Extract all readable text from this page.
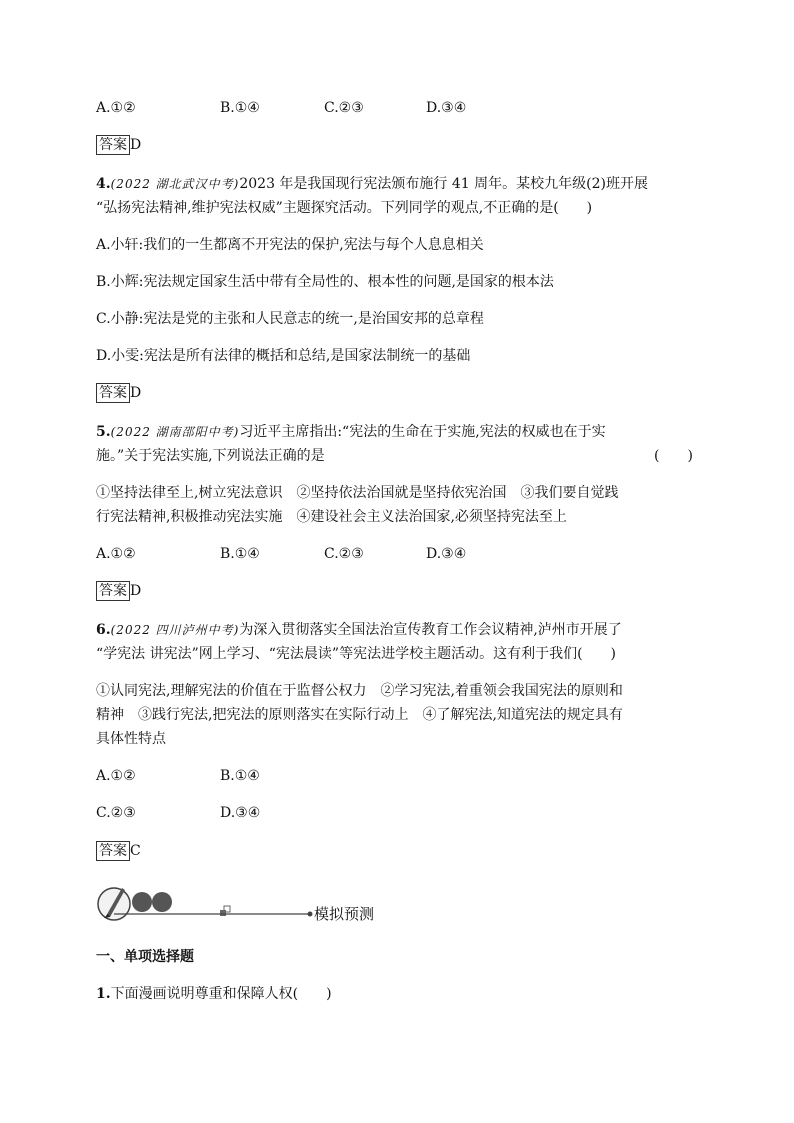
A.①②	B.①④	C.②③	D.③④
答案 D
4.(2022 湖北武汉中考)2023 年是我国现行宪法颁布施行 41 周年。某校九年级(2)班开展
“弘扬宪法精神,维护宪法权威”主题探究活动。下列同学的观点,不正确的是(　　)
A.小轩:我们的一生都离不开宪法的保护,宪法与每个人息息相关
B.小辉:宪法规定国家生活中带有全局性的、根本性的问题,是国家的根本法
C.小静:宪法是党的主张和人民意志的统一,是治国安邦的总章程
D.小雯:宪法是所有法律的概括和总结,是国家法制统一的基础
答案 D
5.(2022 湖南邵阳中考)习近平主席指出:“宪法的生命在于实施,宪法的权威也在于实
施。”关于宪法实施,下列说法正确的是	(　　)
①坚持法律至上,树立宪法意识　②坚持依法治国就是坚持依宪治国　③我们要自觉践
行宪法精神,积极推动宪法实施　④建设社会主义法治国家,必须坚持宪法至上
A.①②	B.①④	C.②③	D.③④
答案 D
6.(2022 四川泸州中考)为深入贯彻落实全国法治宣传教育工作会议精神,泸州市开展了
“学宪法 讲宪法”网上学习、“宪法晨读”等宪法进学校主题活动。这有利于我们(　　)
①认同宪法,理解宪法的价值在于监督公权力　②学习宪法,着重领会我国宪法的原则和
精神　③践行宪法,把宪法的原则落实在实际行动上　④了解宪法,知道宪法的规定具有
具体性特点
A.①②	B.①④
C.②③	D.③④
答案 C
模拟预测
一、单项选择题
1.下面漫画说明尊重和保障人权(　　)
